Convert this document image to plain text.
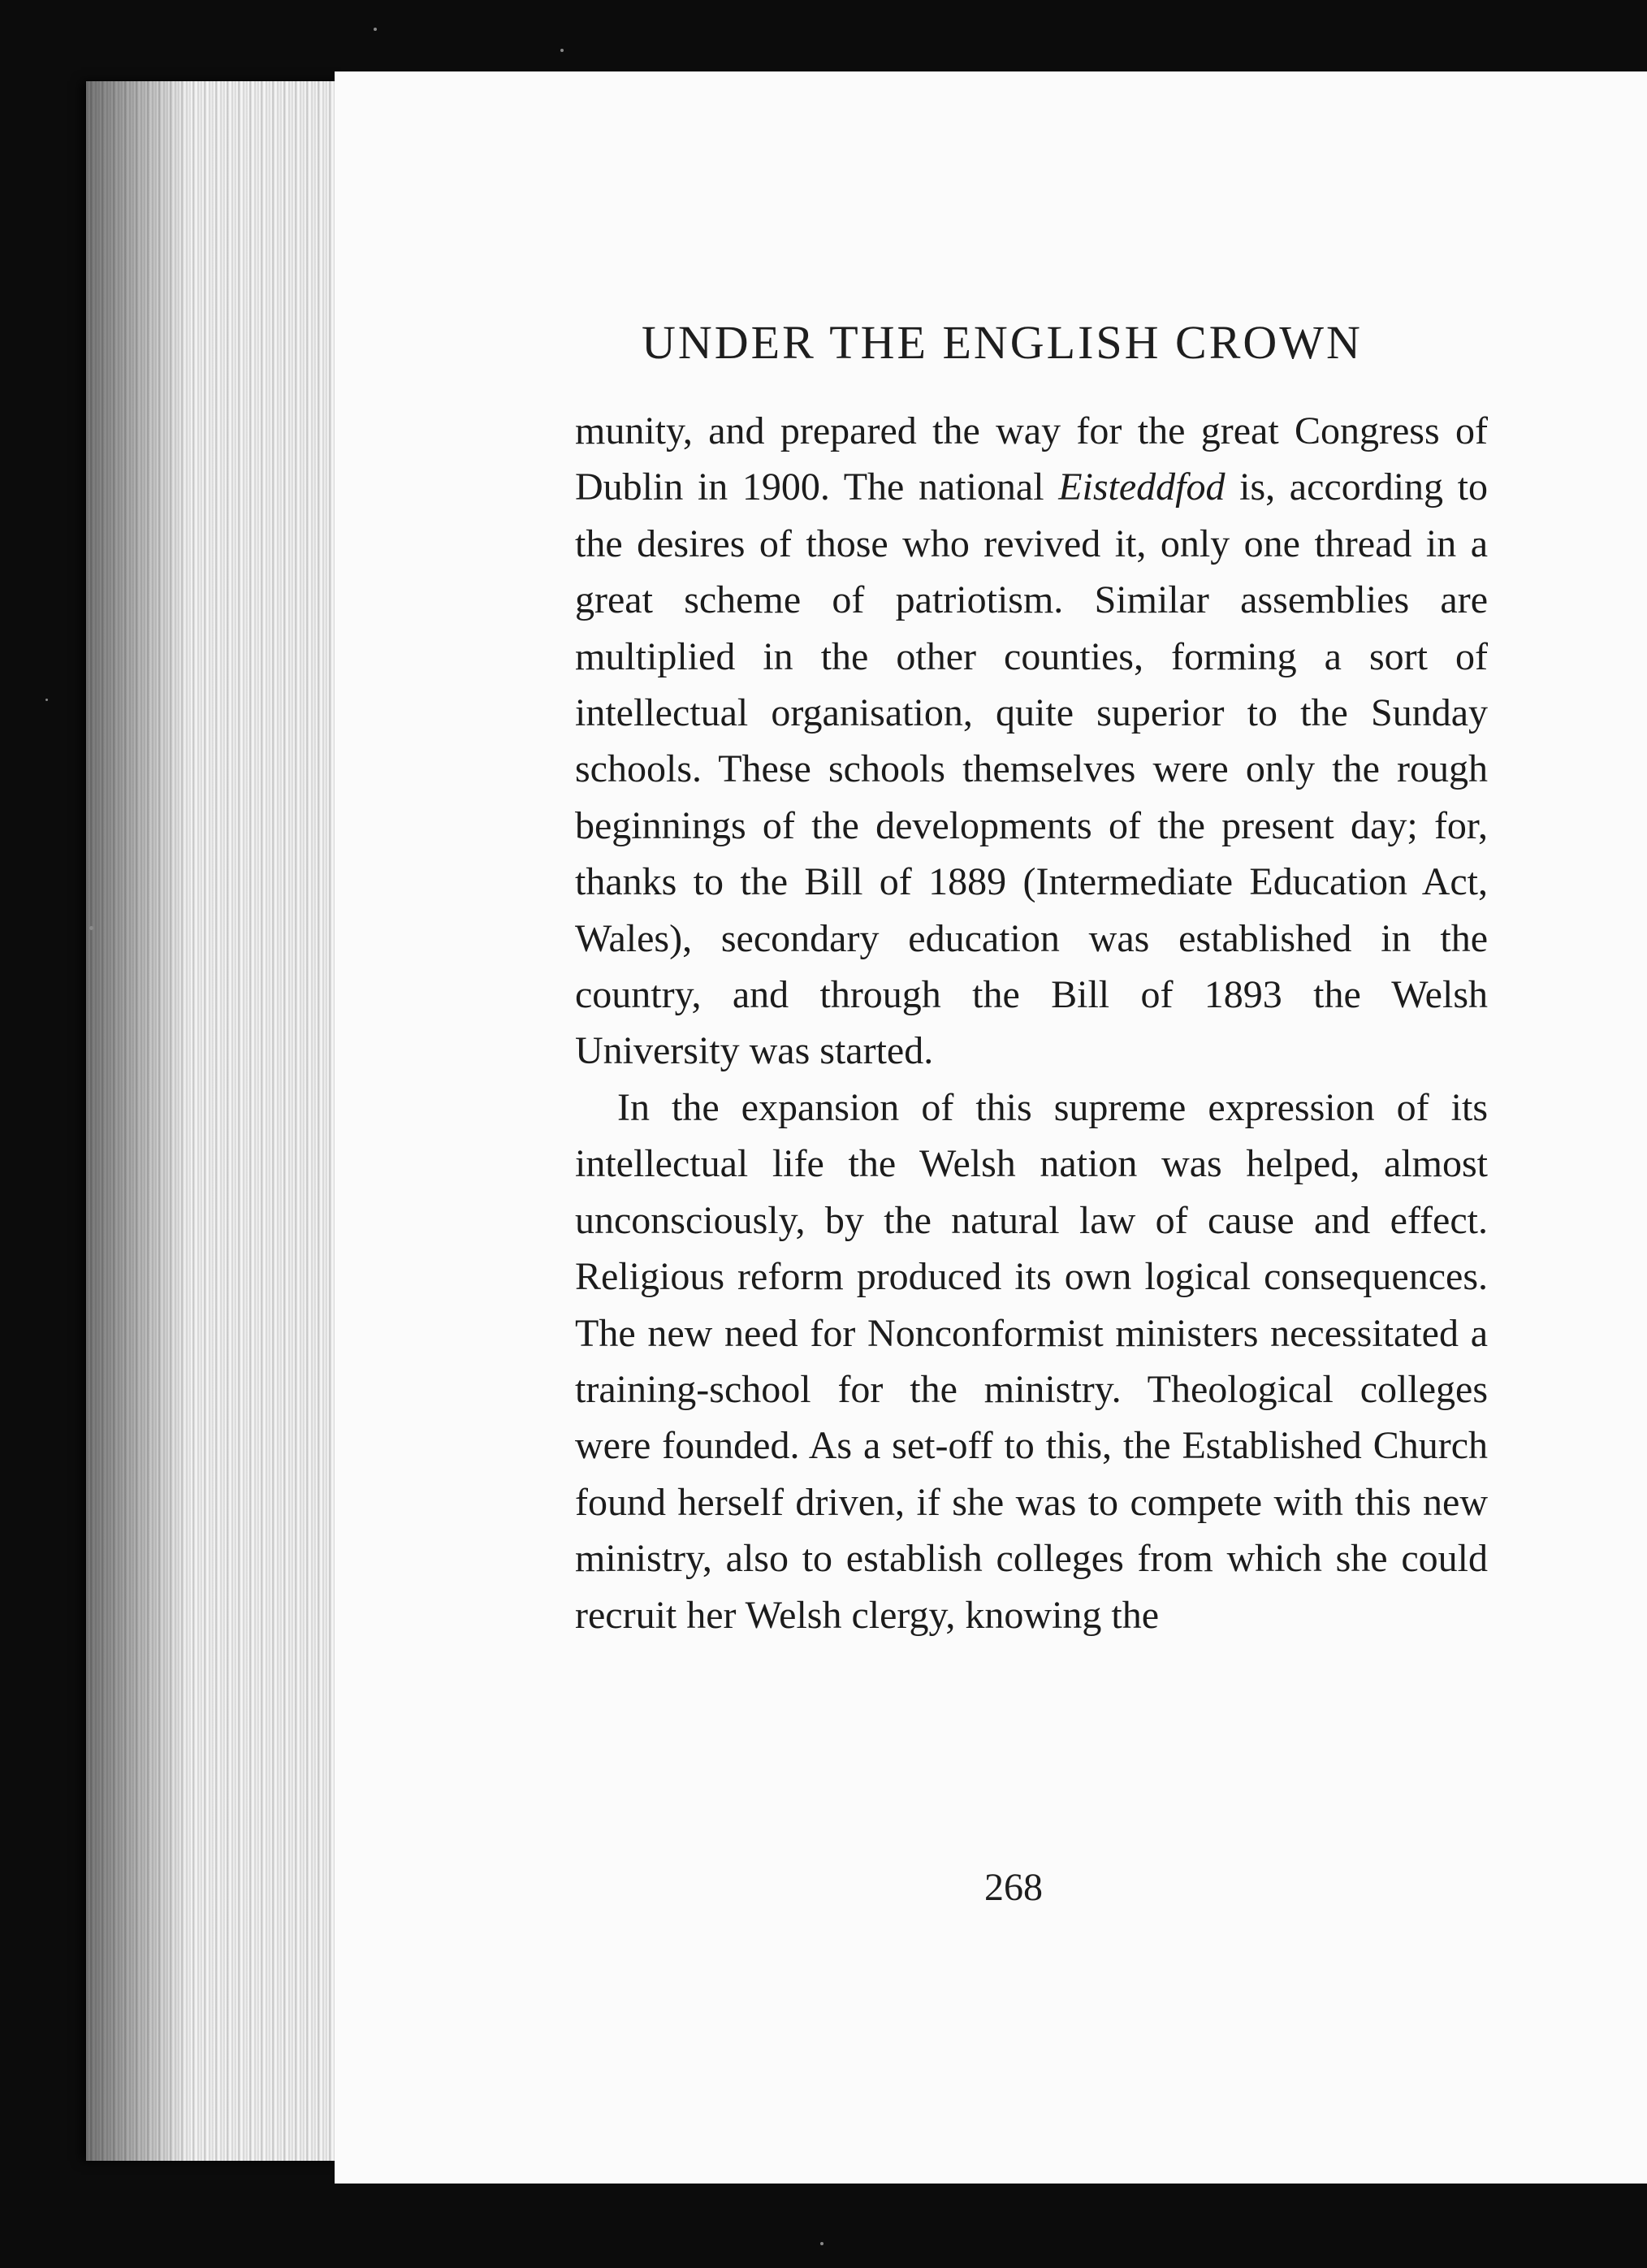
UNDER THE ENGLISH CROWN

munity, and prepared the way for the great Congress of Dublin in 1900. The national Eisteddfod is, according to the desires of those who revived it, only one thread in a great scheme of patriotism. Similar assemblies are multiplied in the other counties, forming a sort of intellectual organisation, quite superior to the Sunday schools. These schools themselves were only the rough beginnings of the developments of the present day; for, thanks to the Bill of 1889 (Intermediate Education Act, Wales), secondary education was established in the country, and through the Bill of 1893 the Welsh University was started.

In the expansion of this supreme expression of its intellectual life the Welsh nation was helped, almost unconsciously, by the natural law of cause and effect. Religious reform produced its own logical consequences. The new need for Nonconformist ministers necessitated a training-school for the ministry. Theological colleges were founded. As a set-off to this, the Established Church found herself driven, if she was to compete with this new ministry, also to establish colleges from which she could recruit her Welsh clergy, knowing the

268
